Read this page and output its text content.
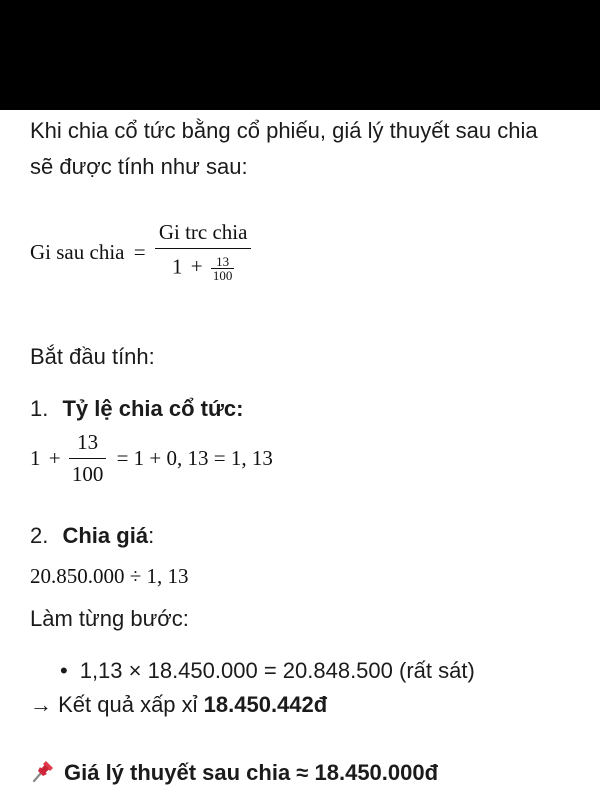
Khi chia cổ tức bằng cổ phiếu, giá lý thuyết sau chia
sẽ được tính như sau:
Gi sau chia = $\frac{\text{Gi trc chia}}{1 + \frac{13}{100}}$
Bắt đầu tính:
1. Tỷ lệ chia cổ tức:
$1 + \frac{13}{100} = 1 + 0$, 13 = 1, 13
2. Chia giá:
20.850.000 ÷ 1, 13
Làm từng bước:
• 1,13 × 18.450.000 = 20.848.500 (rất sát)
→ Kết quả xấp xỉ 18.450.442đ
Giá lý thuyết sau chia ≈ 18.450.000đ
